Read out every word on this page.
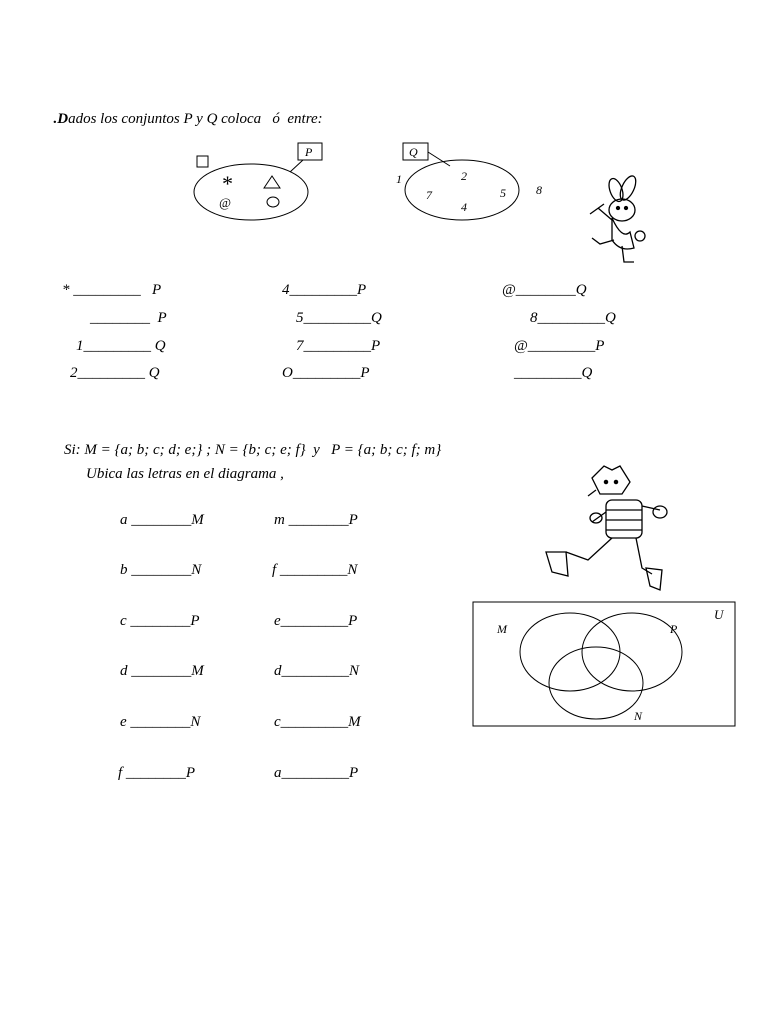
.Dados los conjuntos P y Q coloca   ó  entre:

P
*
@
Q
2
7	5
4
1
8
* _________   P	4_________P	@________Q
________  P	5_________Q	8_________Q
1_________ Q	7_________P	@_________P
2_________ Q	O_________P	_________Q
Si: M = {a; b; c; d; e;} ; N = {b; c; e; f}  y   P = {a; b; c; f; m}
Ubica las letras en el diagrama ,
a ________M	m ________P
b ________N	f _________N
c ________P	e_________P
d ________M	d_________N
e ________N	c_________M
f ________P	a_________P
U
M	P
N
